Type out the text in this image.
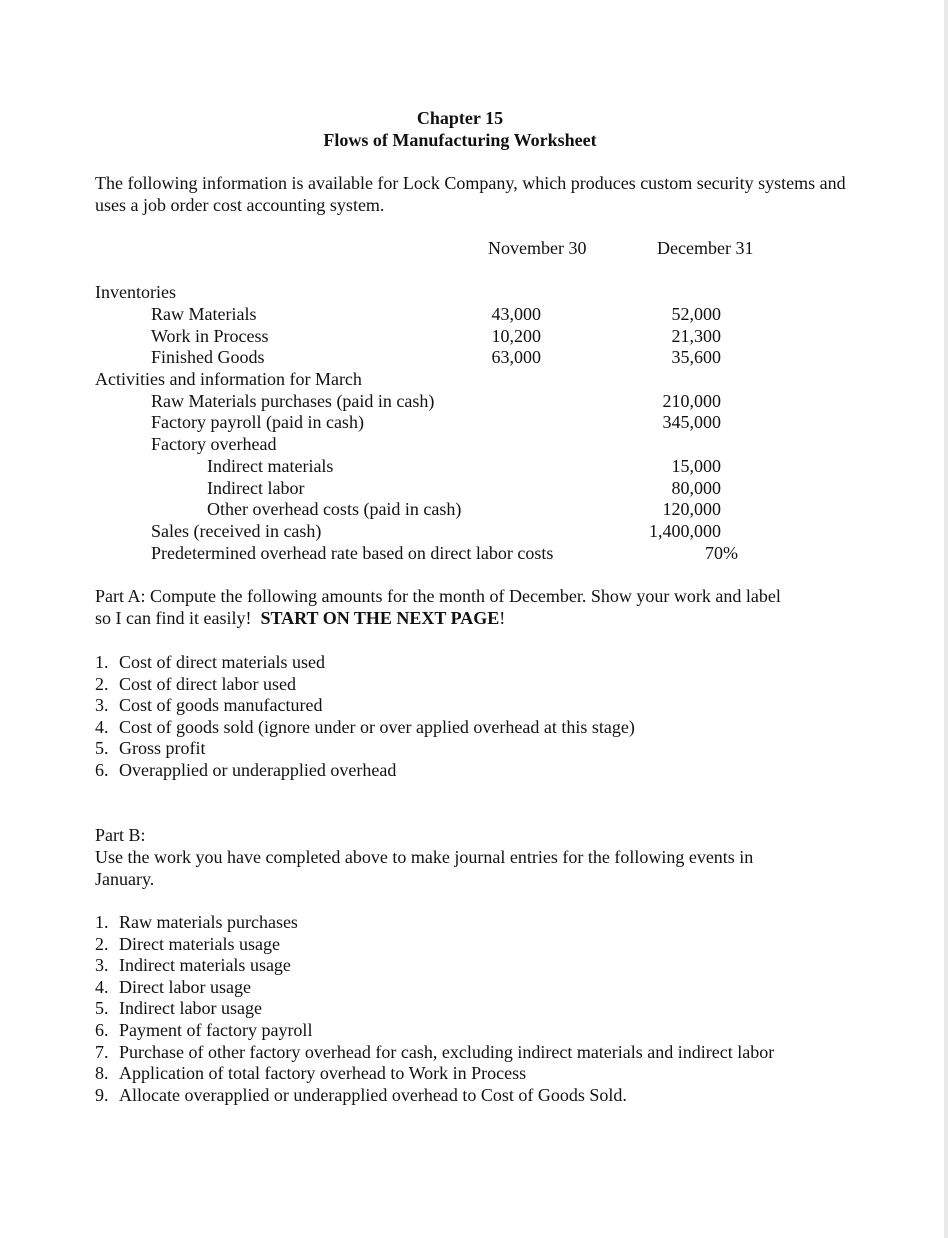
Chapter 15
Flows of Manufacturing Worksheet
The following information is available for Lock Company, which produces custom security systems and uses a job order cost accounting system.
November 30	December 31
Inventories
Raw Materials	43,000	52,000
Work in Process	10,200	21,300
Finished Goods	63,000	35,600
Activities and information for March
Raw Materials purchases (paid in cash)	210,000
Factory payroll (paid in cash)	345,000
Factory overhead
Indirect materials	15,000
Indirect labor	80,000
Other overhead costs (paid in cash)	120,000
Sales (received in cash)	1,400,000
Predetermined overhead rate based on direct labor costs	70%
Part A: Compute the following amounts for the month of December. Show your work and label
so I can find it easily! START ON THE NEXT PAGE!
1. Cost of direct materials used
2. Cost of direct labor used
3. Cost of goods manufactured
4. Cost of goods sold (ignore under or over applied overhead at this stage)
5. Gross profit
6. Overapplied or underapplied overhead
Part B:
Use the work you have completed above to make journal entries for the following events in January.
1. Raw materials purchases
2. Direct materials usage
3. Indirect materials usage
4. Direct labor usage
5. Indirect labor usage
6. Payment of factory payroll
7. Purchase of other factory overhead for cash, excluding indirect materials and indirect labor
8. Application of total factory overhead to Work in Process
9. Allocate overapplied or underapplied overhead to Cost of Goods Sold.
